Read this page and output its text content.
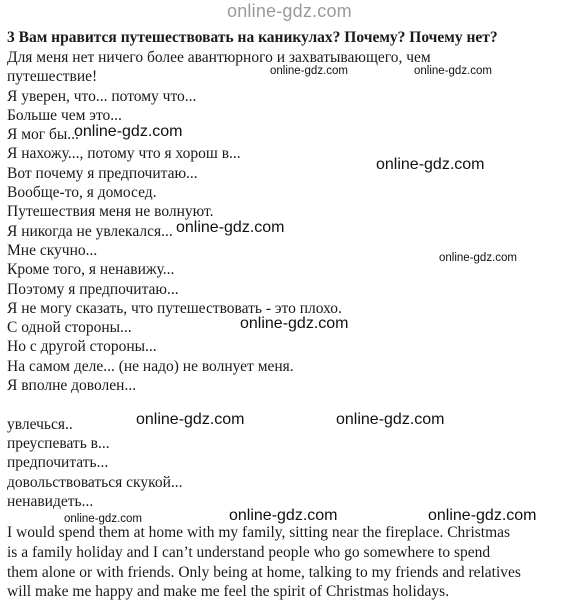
online-gdz.com
online-gdz.com	online-gdz.com
online-gdz.com
online-gdz.com
online-gdz.com
online-gdz.com
online-gdz.com
online-gdz.com	online-gdz.com
online-gdz.com	online-gdz.com	online-gdz.com
3 Вам нравится путешествовать на каникулах? Почему? Почему нет?
Для меня нет ничего более авантюрного и захватывающего, чем
путешествие!
Я уверен, что... потому что...
Больше чем это...
Я мог бы...
Я нахожу..., потому что я хорош в...
Вот почему я предпочитаю...
Вообще-то, я домосед.
Путешествия меня не волнуют.
Я никогда не увлекался...
Мне скучно...
Кроме того, я ненавижу...
Поэтому я предпочитаю...
Я не могу сказать, что путешествовать - это плохо.
С одной стороны...
Но с другой стороны...
На самом деле... (не надо) не волнует меня.
Я вполне доволен...
увлечься..
преуспевать в...
предпочитать...
довольствоваться скукой...
ненавидеть...
I would spend them at home with my family, sitting near the fireplace. Christmas
is a family holiday and I can’t understand people who go somewhere to spend
them alone or with friends. Only being at home, talking to my friends and relatives
will make me happy and make me feel the spirit of Christmas holidays.
